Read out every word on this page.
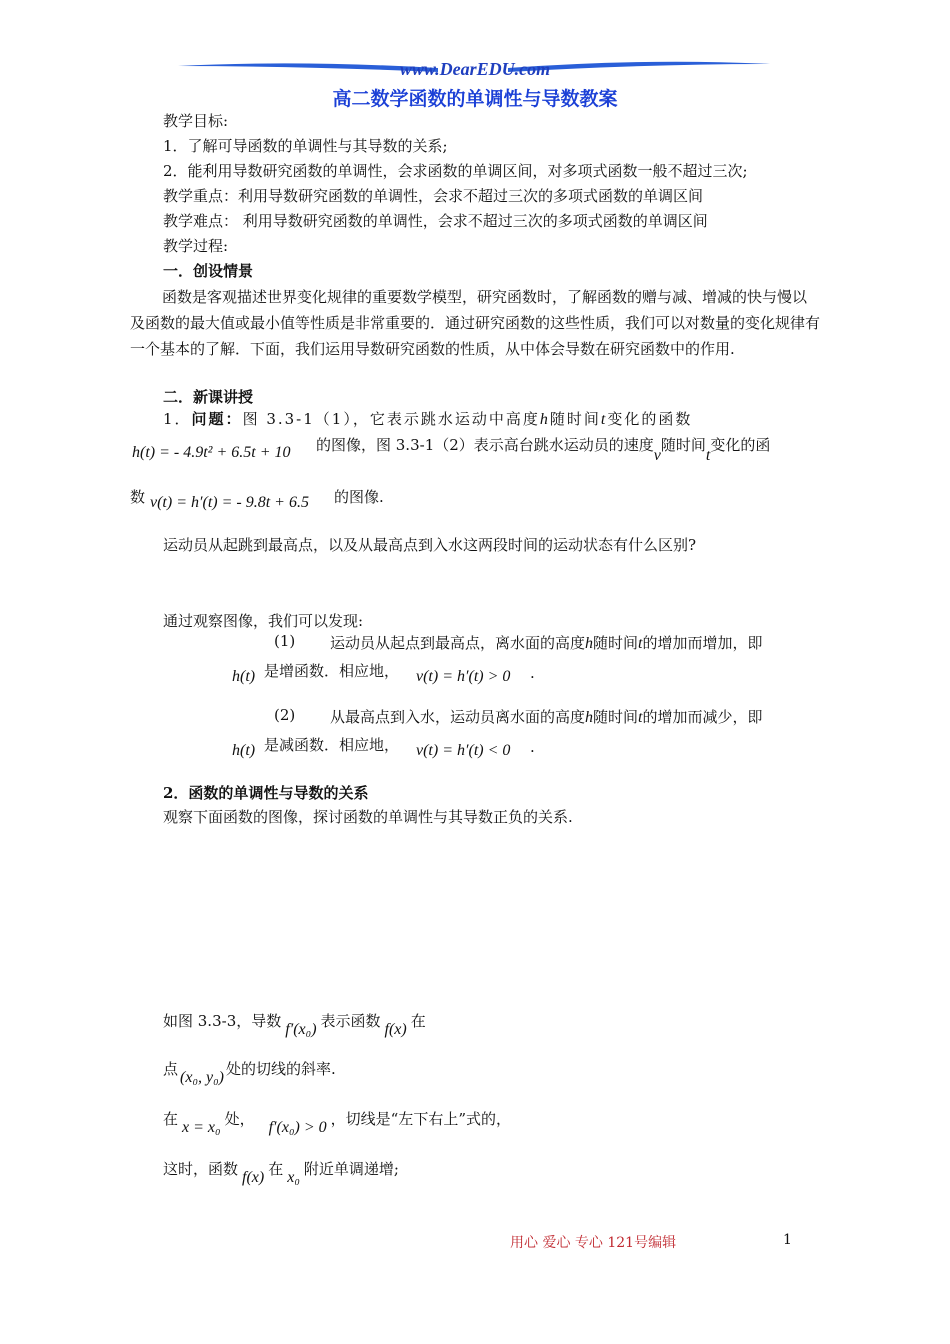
www.DearEDU.com
高二数学函数的单调性与导数教案
教学目标:
1．了解可导函数的单调性与其导数的关系;
2．能利用导数研究函数的单调性，会求函数的单调区间，对多项式函数一般不超过三次;
教学重点：利用导数研究函数的单调性，会求不超过三次的多项式函数的单调区间
教学难点： 利用导数研究函数的单调性，会求不超过三次的多项式函数的单调区间
教学过程:
一．创设情景
函数是客观描述世界变化规律的重要数学模型，研究函数时，了解函数的赠与减、增减的快与慢以及函数的最大值或最小值等性质是非常重要的．通过研究函数的这些性质，我们可以对数量的变化规律有一个基本的了解．下面，我们运用导数研究函数的性质，从中体会导数在研究函数中的作用.
二．新课讲授
1．问题：图 3.3-1（1），它表示跳水运动中高度h随时间t变化的函数
h(t) = - 4.9t² + 6.5t + 10 的图像，图 3.3-1（2）表示高台跳水运动员的速度v随时间t变化的函
数 v(t) = h′(t) = - 9.8t + 6.5 的图像.
运动员从起跳到最高点，以及从最高点到入水这两段时间的运动状态有什么区别?
通过观察图像，我们可以发现:
(1) 运动员从起点到最高点，离水面的高度h随时间t的增加而增加，即
h(t) 是增函数．相应地， v(t) = h′(t) > 0 .
(2) 从最高点到入水，运动员离水面的高度h随时间t的增加而减少，即
h(t) 是减函数．相应地， v(t) = h′(t) < 0 .
2．函数的单调性与导数的关系
观察下面函数的图像，探讨函数的单调性与其导数正负的关系.
如图 3.3-3，导数 f′(x₀) 表示函数 f(x) 在
点 (x₀, y₀) 处的切线的斜率.
在 x = x₀ 处， f′(x₀) > 0 ，切线是“左下右上”式的，
这时，函数 f(x) 在 x₀ 附近单调递增;
用心 爱心 专心 121号编辑	1
